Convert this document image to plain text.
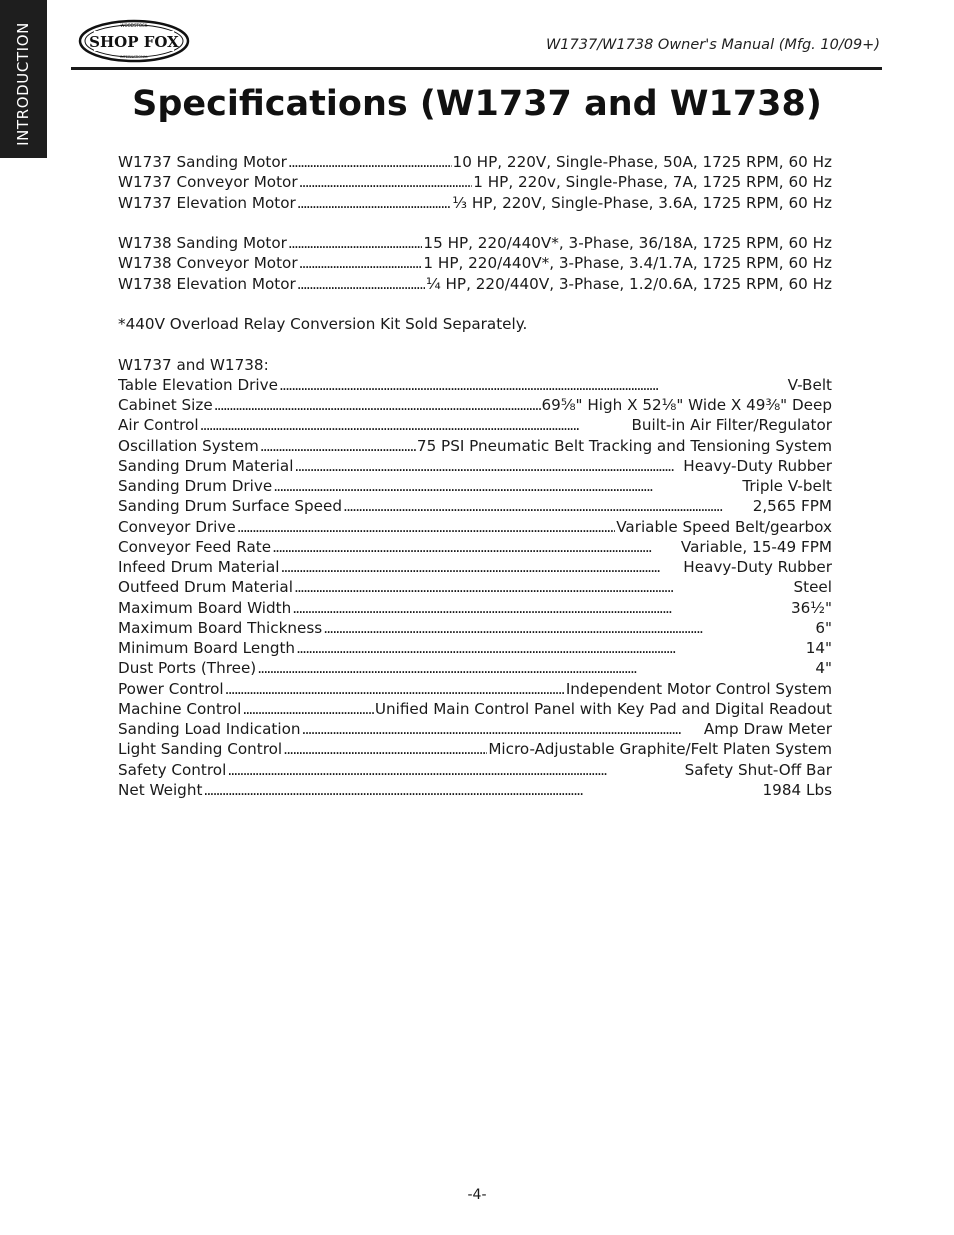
INTRODUCTION	WOODSTOCK
SHOP FOX
INTERNATIONAL
W1737/W1738 Owner's Manual (Mfg. 10/09+)
Specifications (W1737 and W1738)
W1737 Sanding Motor . . .	10 HP, 220V, Single-Phase, 50A, 1725 RPM, 60 Hz
W1737 Conveyor Motor . . .	1 HP, 220v, Single-Phase, 7A, 1725 RPM, 60 Hz
W1737 Elevation Motor . . .	¹⁄₃ HP, 220V, Single-Phase, 3.6A, 1725 RPM, 60 Hz
W1738 Sanding Motor . . .	15 HP, 220/440V*, 3-Phase, 36/18A, 1725 RPM, 60 Hz
W1738 Conveyor Motor . . .	1 HP, 220/440V*, 3-Phase, 3.4/1.7A, 1725 RPM, 60 Hz
W1738 Elevation Motor . . .	¹⁄₄ HP, 220/440V, 3-Phase, 1.2/0.6A, 1725 RPM, 60 Hz
*440V Overload Relay Conversion Kit Sold Separately.
W1737 and W1738:
Table Elevation Drive . . .	V-Belt
Cabinet Size . . .	69⁵⁄₈" High X 52¹⁄₈" Wide X 49³⁄₈" Deep
Air Control . . .	Built-in Air Filter/Regulator
Oscillation System . . .	75 PSI Pneumatic Belt Tracking and Tensioning System
Sanding Drum Material . . .	Heavy-Duty Rubber
Sanding Drum Drive . . .	Triple V-belt
Sanding Drum Surface Speed . . .	2,565 FPM
Conveyor Drive . . .	Variable Speed Belt/gearbox
Conveyor Feed Rate . . .	Variable, 15-49 FPM
Infeed Drum Material . . .	Heavy-Duty Rubber
Outfeed Drum Material . . .	Steel
Maximum Board Width . . .	36¹⁄₂"
Maximum Board Thickness . . .	6"
Minimum Board Length . . .	14"
Dust Ports (Three) . . .	4"
Power Control . . .	Independent Motor Control System
Machine Control . . .	Unified Main Control Panel with Key Pad and Digital Readout
Sanding Load Indication . . .	Amp Draw Meter
Light Sanding Control . . .	Micro-Adjustable Graphite/Felt Platen System
Safety Control . . .	Safety Shut-Off Bar
Net Weight . . .	1984 Lbs
-4-
